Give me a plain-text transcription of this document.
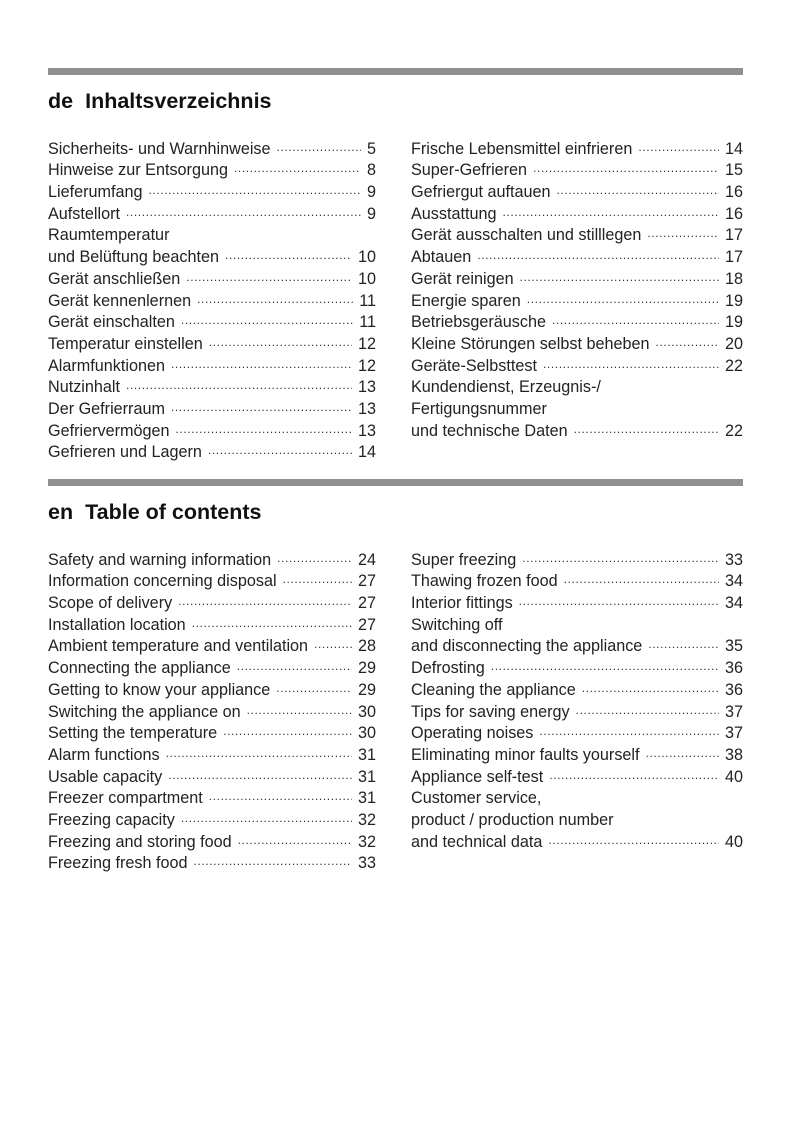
de Inhaltsverzeichnis
Sicherheits- und Warnhinweise .....	5
Hinweise zur Entsorgung .....	8
Lieferumfang .....	9
Aufstellort .....	9
Raumtemperatur
und Belüftung beachten .....	10
Gerät anschließen .....	10
Gerät kennenlernen .....	11
Gerät einschalten .....	11
Temperatur einstellen .....	12
Alarmfunktionen .....	12
Nutzinhalt .....	13
Der Gefrierraum .....	13
Gefriervermögen .....	13
Gefrieren und Lagern .....	14
Frische Lebensmittel einfrieren .....	14
Super-Gefrieren .....	15
Gefriergut auftauen .....	16
Ausstattung .....	16
Gerät ausschalten und stilllegen .....	17
Abtauen .....	17
Gerät reinigen .....	18
Energie sparen .....	19
Betriebsgeräusche .....	19
Kleine Störungen selbst beheben .....	20
Geräte-Selbsttest .....	22
Kundendienst, Erzeugnis-/
Fertigungsnummer
und technische Daten .....	22
en Table of contents
Safety and warning information .....	24
Information concerning disposal .....	27
Scope of delivery .....	27
Installation location .....	27
Ambient temperature and ventilation .....	28
Connecting the appliance .....	29
Getting to know your appliance .....	29
Switching the appliance on .....	30
Setting the temperature .....	30
Alarm functions .....	31
Usable capacity .....	31
Freezer compartment .....	31
Freezing capacity .....	32
Freezing and storing food .....	32
Freezing fresh food .....	33
Super freezing .....	33
Thawing frozen food .....	34
Interior fittings .....	34
Switching off
and disconnecting the appliance .....	35
Defrosting .....	36
Cleaning the appliance .....	36
Tips for saving energy .....	37
Operating noises .....	37
Eliminating minor faults yourself .....	38
Appliance self-test .....	40
Customer service,
product / production number
and technical data .....	40
